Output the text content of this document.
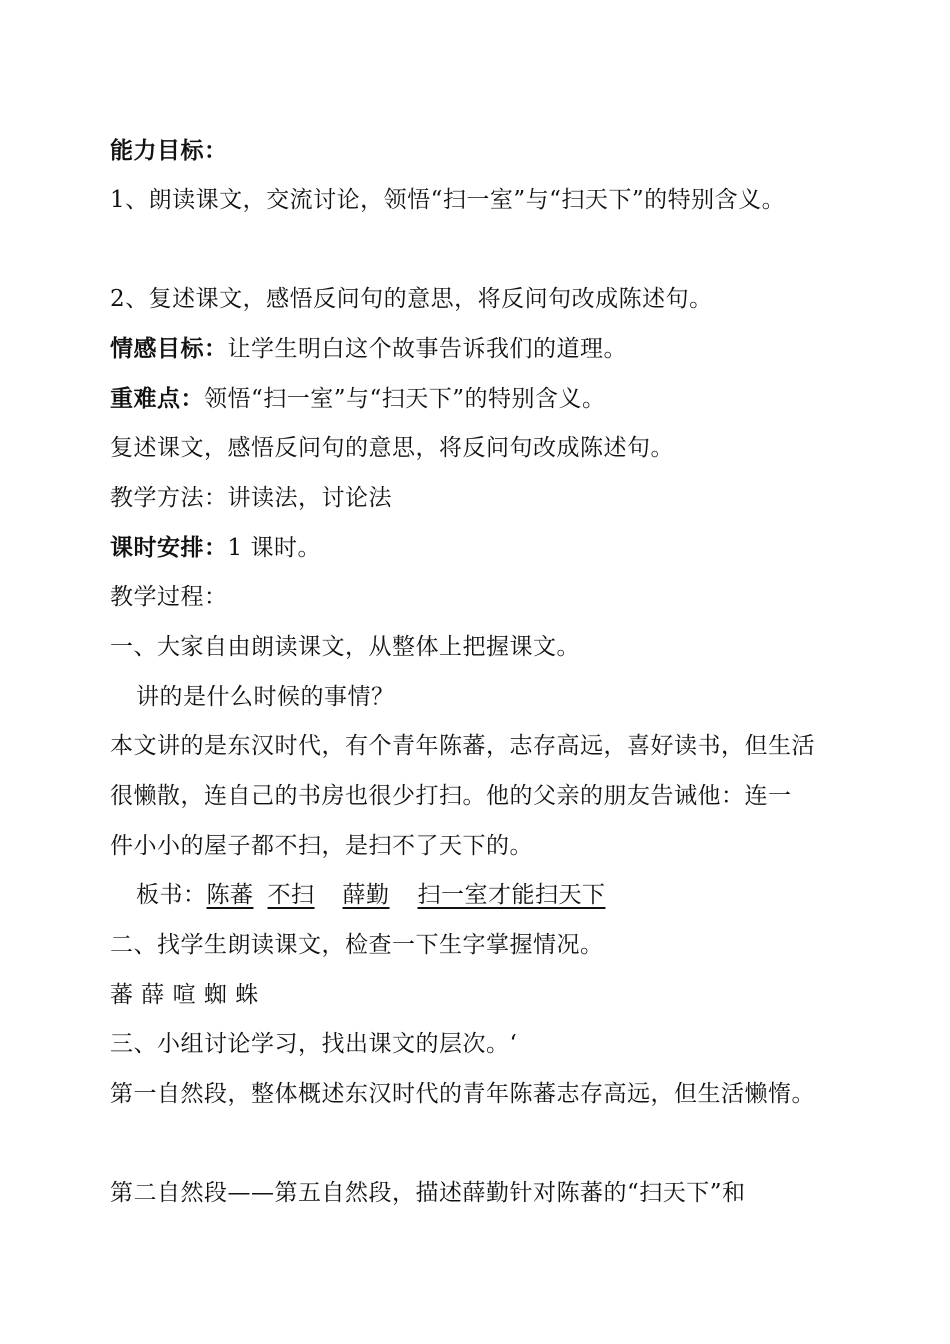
能力目标：
1、朗读课文，交流讨论，领悟“扫一室”与“扫天下”的特别含义。
2、复述课文，感悟反问句的意思，将反问句改成陈述句。
情感目标：让学生明白这个故事告诉我们的道理。
重难点：领悟“扫一室”与“扫天下”的特别含义。
复述课文，感悟反问句的意思，将反问句改成陈述句。
教学方法：讲读法，讨论法
课时安排：1 课时。
教学过程：
一、大家自由朗读课文，从整体上把握课文。
讲的是什么时候的事情？
本文讲的是东汉时代，有个青年陈蕃，志存高远，喜好读书，但生活
很懒散，连自己的书房也很少打扫。他的父亲的朋友告诫他：连一
件小小的屋子都不扫，是扫不了天下的。
板书：陈蕃 不扫 薛勤 扫一室才能扫天下
二、找学生朗读课文，检查一下生字掌握情况。
蕃 薛 喧 蜘 蛛
三、小组讨论学习，找出课文的层次。‘
第一自然段，整体概述东汉时代的青年陈蕃志存高远，但生活懒惰。
第二自然段——第五自然段，描述薛勤针对陈蕃的“扫天下”和
